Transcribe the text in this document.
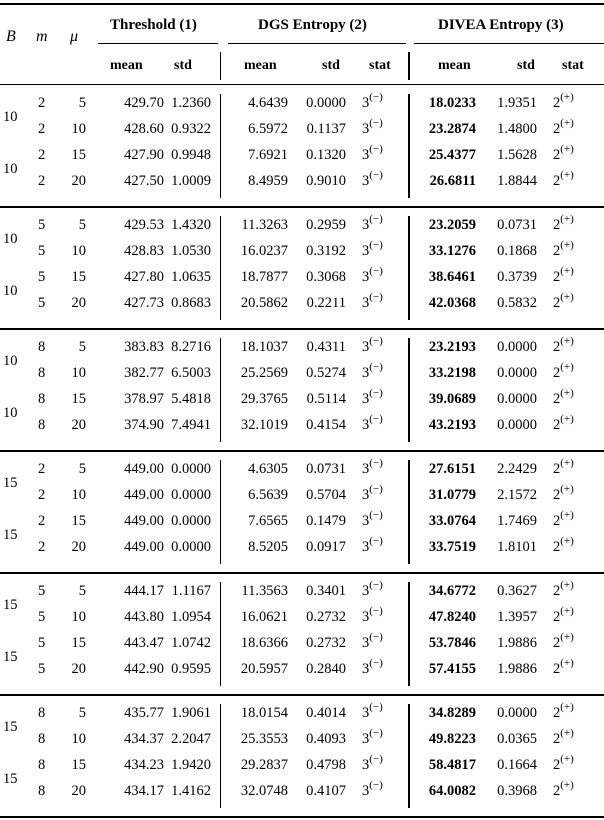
B m μ
Threshold (1)	DGS Entropy (2)	DIVEA Entropy (3)
mean std	mean	std stat	mean	std stat
10
10
2	5	429.70 1.2360	4.6439	0.0000 3(−)	18.0233	1.9351 2(+)
2	10	428.60 0.9322	6.5972	0.1137 3(−)	23.2874	1.4800 2(+)
2	15	427.90 0.9948	7.6921	0.1320 3(−)	25.4377	1.5628 2(+)
2	20	427.50 1.0009	8.4959	0.9010 3(−)	26.6811	1.8844 2(+)
10
10
5	5	429.53 1.4320	11.3263	0.2959 3(−)	23.2059	0.0731 2(+)
5	10	428.83 1.0530	16.0237	0.3192 3(−)	33.1276	0.1868 2(+)
5	15	427.80 1.0635	18.7877	0.3068 3(−)	38.6461	0.3739 2(+)
5	20	427.73 0.8683	20.5862	0.2211 3(−)	42.0368	0.5832 2(+)
10
10
8	5	383.83 8.2716	18.1037	0.4311 3(−)	23.2193	0.0000 2(+)
8	10	382.77 6.5003	25.2569	0.5274 3(−)	33.2198	0.0000 2(+)
8	15	378.97 5.4818	29.3765	0.5114 3(−)	39.0689	0.0000 2(+)
8	20	374.90 7.4941	32.1019	0.4154 3(−)	43.2193	0.0000 2(+)
15
15
2	5	449.00 0.0000	4.6305	0.0731 3(−)	27.6151	2.2429 2(+)
2	10	449.00 0.0000	6.5639	0.5704 3(−)	31.0779	2.1572 2(+)
2	15	449.00 0.0000	7.6565	0.1479 3(−)	33.0764	1.7469 2(+)
2	20	449.00 0.0000	8.5205	0.0917 3(−)	33.7519	1.8101 2(+)
15
15
5	5	444.17 1.1167	11.3563	0.3401 3(−)	34.6772	0.3627 2(+)
5	10	443.80 1.0954	16.0621	0.2732 3(−)	47.8240	1.3957 2(+)
5	15	443.47 1.0742	18.6366	0.2732 3(−)	53.7846	1.9886 2(+)
5	20	442.90 0.9595	20.5957	0.2840 3(−)	57.4155	1.9886 2(+)
15
15
8	5	435.77 1.9061	18.0154	0.4014 3(−)	34.8289	0.0000 2(+)
8	10	434.37 2.2047	25.3553	0.4093 3(−)	49.8223	0.0365 2(+)
8	15	434.23 1.9420	29.2837	0.4798 3(−)	58.4817	0.1664 2(+)
8	20	434.17 1.4162	32.0748	0.4107 3(−)	64.0082	0.3968 2(+)
